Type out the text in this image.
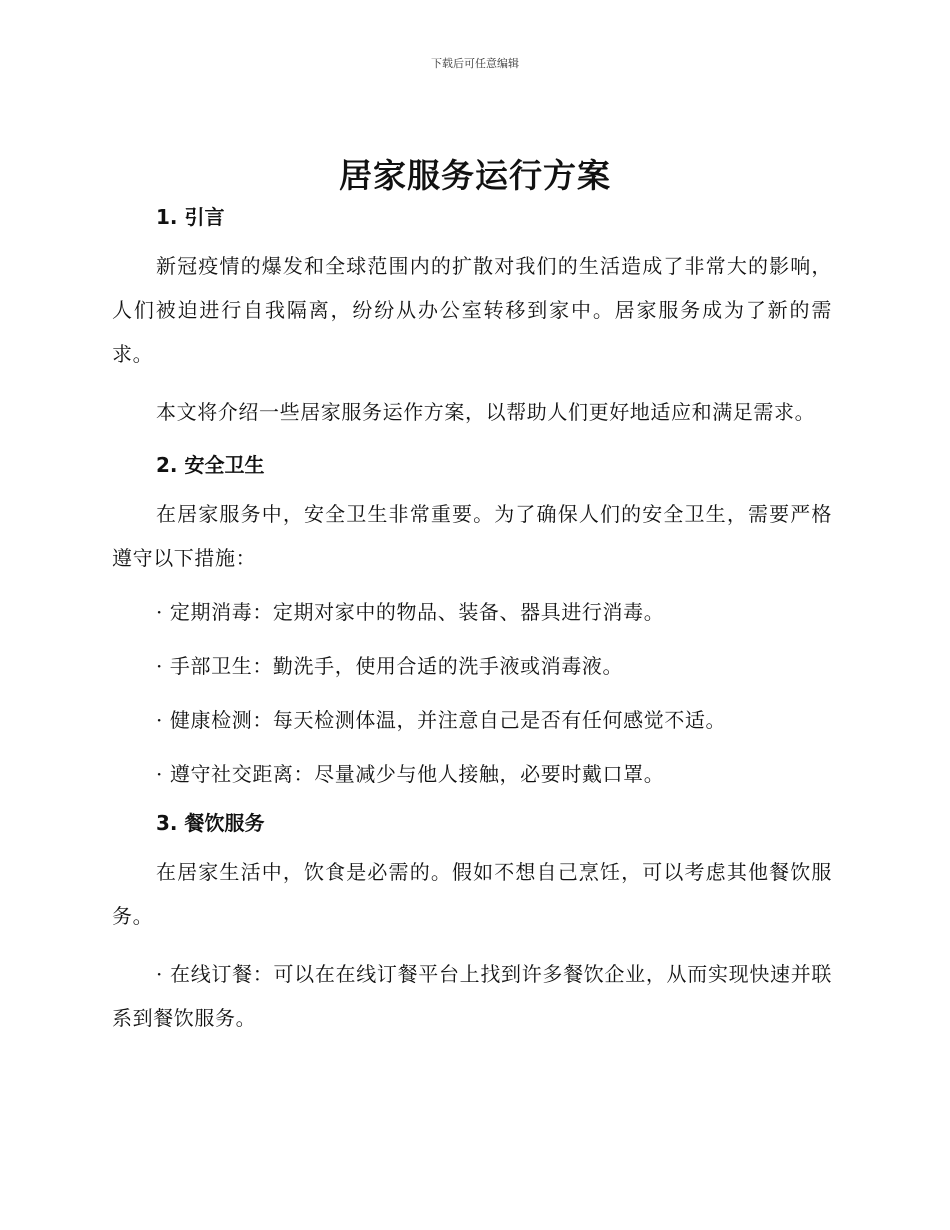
下载后可任意编辑
居家服务运行方案
1. 引言

新冠疫情的爆发和全球范围内的扩散对我们的生活造成了非常大的影响，人们被迫进行自我隔离，纷纷从办公室转移到家中。居家服务成为了新的需求。

本文将介绍一些居家服务运作方案，以帮助人们更好地适应和满足需求。

2. 安全卫生

在居家服务中，安全卫生非常重要。为了确保人们的安全卫生，需要严格遵守以下措施：

· 定期消毒：定期对家中的物品、装备、器具进行消毒。

· 手部卫生：勤洗手，使用合适的洗手液或消毒液。

· 健康检测：每天检测体温，并注意自己是否有任何感觉不适。

· 遵守社交距离：尽量减少与他人接触，必要时戴口罩。

3. 餐饮服务

在居家生活中，饮食是必需的。假如不想自己烹饪，可以考虑其他餐饮服务。

· 在线订餐：可以在在线订餐平台上找到许多餐饮企业，从而实现快速并联系到餐饮服务。
